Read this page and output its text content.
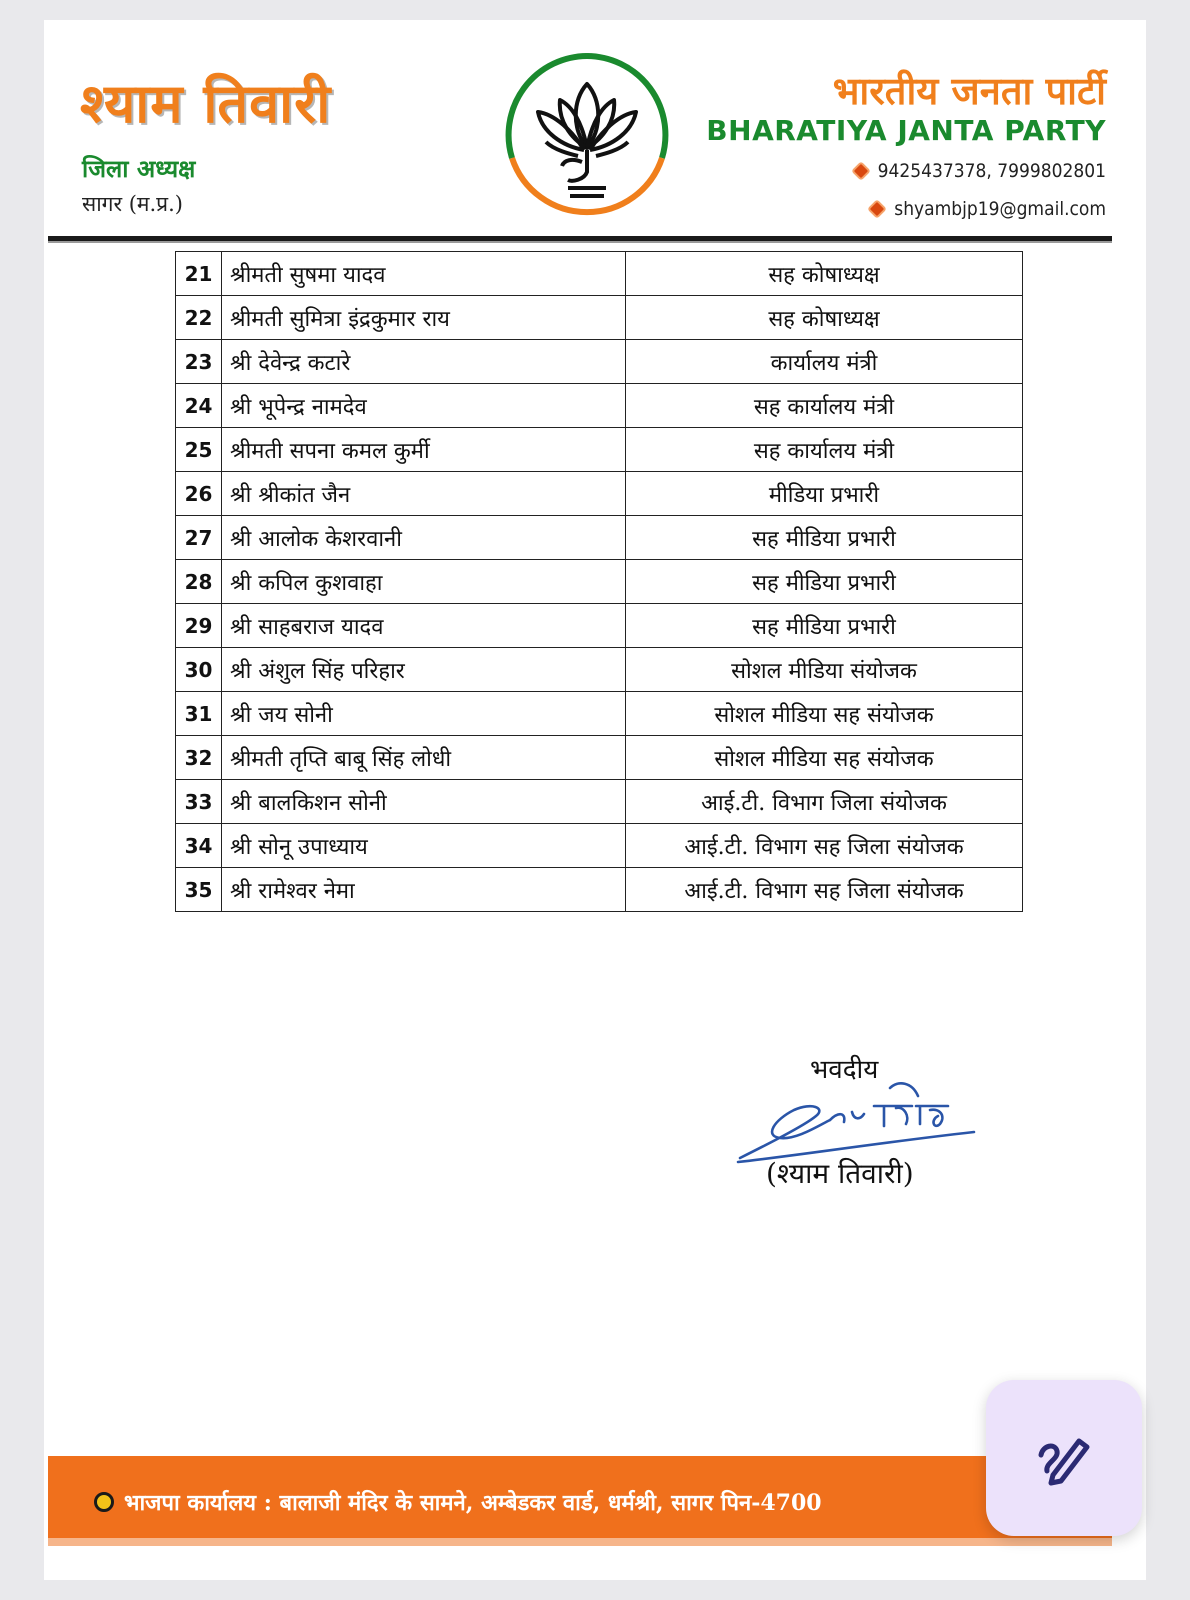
श्याम तिवारी
जिला अध्यक्ष
सागर (म.प्र.)
भारतीय जनता पार्टी
BHARATIYA JANTA PARTY
9425437378, 7999802801
shyambjp19@gmail.com
21	श्रीमती सुषमा यादव	सह कोषाध्यक्ष
22	श्रीमती सुमित्रा इंद्रकुमार राय	सह कोषाध्यक्ष
23	श्री देवेन्द्र कटारे	कार्यालय मंत्री
24	श्री भूपेन्द्र नामदेव	सह कार्यालय मंत्री
25	श्रीमती सपना कमल कुर्मी	सह कार्यालय मंत्री
26	श्री श्रीकांत जैन	मीडिया प्रभारी
27	श्री आलोक केशरवानी	सह मीडिया प्रभारी
28	श्री कपिल कुशवाहा	सह मीडिया प्रभारी
29	श्री साहबराज यादव	सह मीडिया प्रभारी
30	श्री अंशुल सिंह परिहार	सोशल मीडिया संयोजक
31	श्री जय सोनी	सोशल मीडिया सह संयोजक
32	श्रीमती तृप्ति बाबू सिंह लोधी	सोशल मीडिया सह संयोजक
33	श्री बालकिशन सोनी	आई.टी. विभाग जिला संयोजक
34	श्री सोनू उपाध्याय	आई.टी. विभाग सह जिला संयोजक
35	श्री रामेश्वर नेमा	आई.टी. विभाग सह जिला संयोजक
भवदीय
(श्याम तिवारी)
भाजपा कार्यालय : बालाजी मंदिर के सामने, अम्बेडकर वार्ड, धर्मश्री, सागर पिन-4700
